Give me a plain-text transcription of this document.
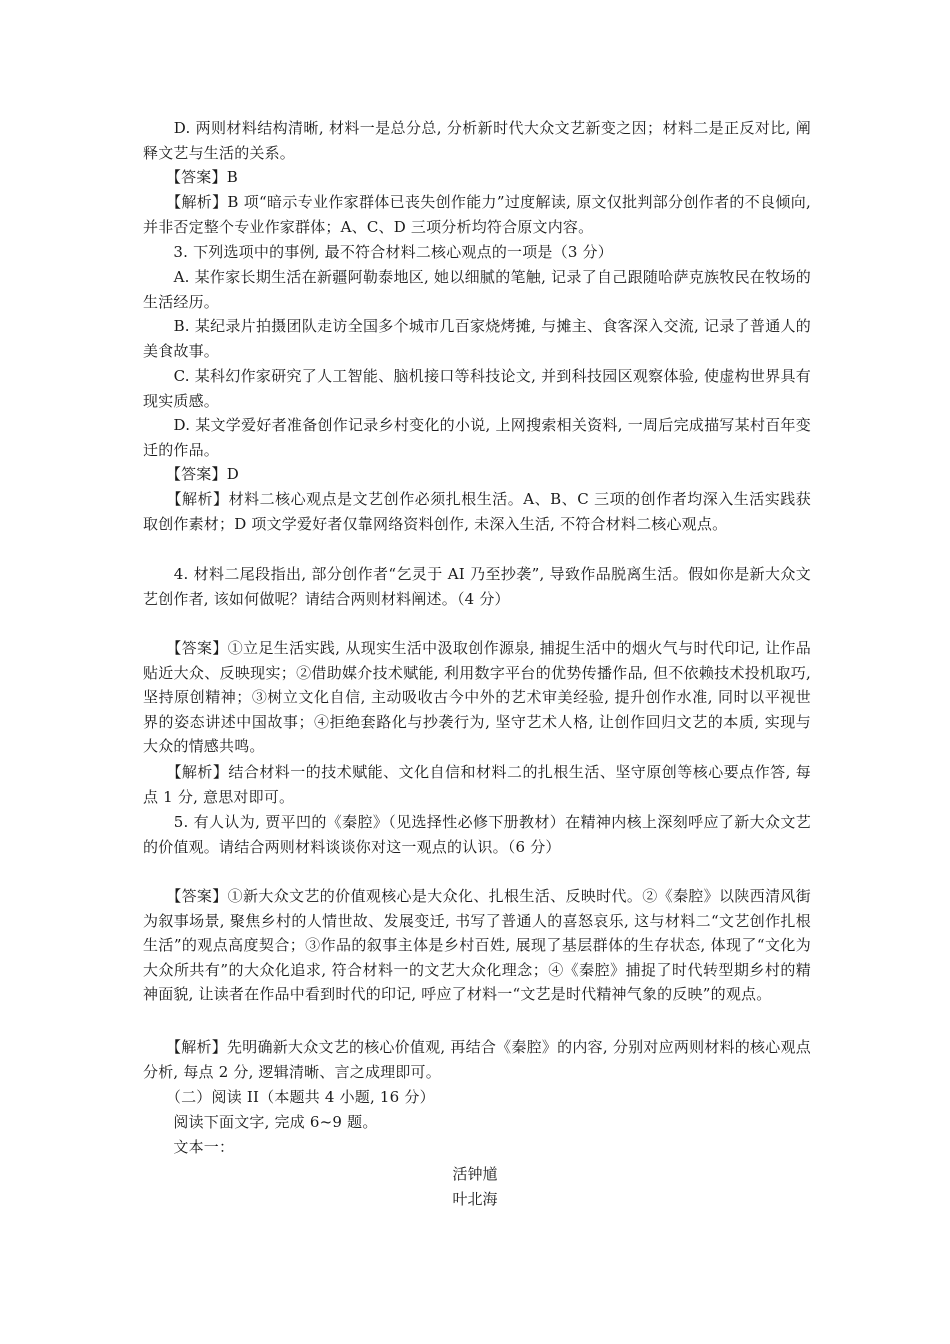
　　D. 两则材料结构清晰, 材料一是总分总, 分析新时代大众文艺新变之因；材料二是正反对比, 阐释文艺与生活的关系。

　　【答案】B

　　【解析】B 项“暗示专业作家群体已丧失创作能力”过度解读, 原文仅批判部分创作者的不良倾向, 并非否定整个专业作家群体；A、C、D 三项分析均符合原文内容。

　　3. 下列选项中的事例, 最不符合材料二核心观点的一项是（3 分）

　　A. 某作家长期生活在新疆阿勒泰地区, 她以细腻的笔触, 记录了自己跟随哈萨克族牧民在牧场的生活经历。

　　B. 某纪录片拍摄团队走访全国多个城市几百家烧烤摊, 与摊主、食客深入交流, 记录了普通人的美食故事。

　　C. 某科幻作家研究了人工智能、脑机接口等科技论文, 并到科技园区观察体验, 使虚构世界具有现实质感。

　　D. 某文学爱好者准备创作记录乡村变化的小说, 上网搜索相关资料, 一周后完成描写某村百年变迁的作品。

　　【答案】D

　　【解析】材料二核心观点是文艺创作必须扎根生活。A、B、C 三项的创作者均深入生活实践获取创作素材；D 项文学爱好者仅靠网络资料创作, 未深入生活, 不符合材料二核心观点。

　　4. 材料二尾段指出, 部分创作者“乞灵于 AI 乃至抄袭”, 导致作品脱离生活。假如你是新大众文艺创作者, 该如何做呢？请结合两则材料阐述。（4 分）

　　【答案】①立足生活实践, 从现实生活中汲取创作源泉, 捕捉生活中的烟火气与时代印记, 让作品贴近大众、反映现实；②借助媒介技术赋能, 利用数字平台的优势传播作品, 但不依赖技术投机取巧, 坚持原创精神；③树立文化自信, 主动吸收古今中外的艺术审美经验, 提升创作水准, 同时以平视世界的姿态讲述中国故事；④拒绝套路化与抄袭行为, 坚守艺术人格, 让创作回归文艺的本质, 实现与大众的情感共鸣。

　　【解析】结合材料一的技术赋能、文化自信和材料二的扎根生活、坚守原创等核心要点作答, 每点 1 分, 意思对即可。

　　5. 有人认为, 贾平凹的《秦腔》（见选择性必修下册教材）在精神内核上深刻呼应了新大众文艺的价值观。请结合两则材料谈谈你对这一观点的认识。（6 分）

　　【答案】①新大众文艺的价值观核心是大众化、扎根生活、反映时代。②《秦腔》以陕西清风街为叙事场景, 聚焦乡村的人情世故、发展变迁, 书写了普通人的喜怒哀乐, 这与材料二“文艺创作扎根生活”的观点高度契合；③作品的叙事主体是乡村百姓, 展现了基层群体的生存状态, 体现了“文化为大众所共有”的大众化追求, 符合材料一的文艺大众化理念；④《秦腔》捕捉了时代转型期乡村的精神面貌, 让读者在作品中看到时代的印记, 呼应了材料一“文艺是时代精神气象的反映”的观点。

　　【解析】先明确新大众文艺的核心价值观, 再结合《秦腔》的内容, 分别对应两则材料的核心观点分析, 每点 2 分, 逻辑清晰、言之成理即可。

　　（二）阅读 II（本题共 4 小题, 16 分）

　　阅读下面文字, 完成 6~9 题。

　　文本一：

活钟馗

叶北海
